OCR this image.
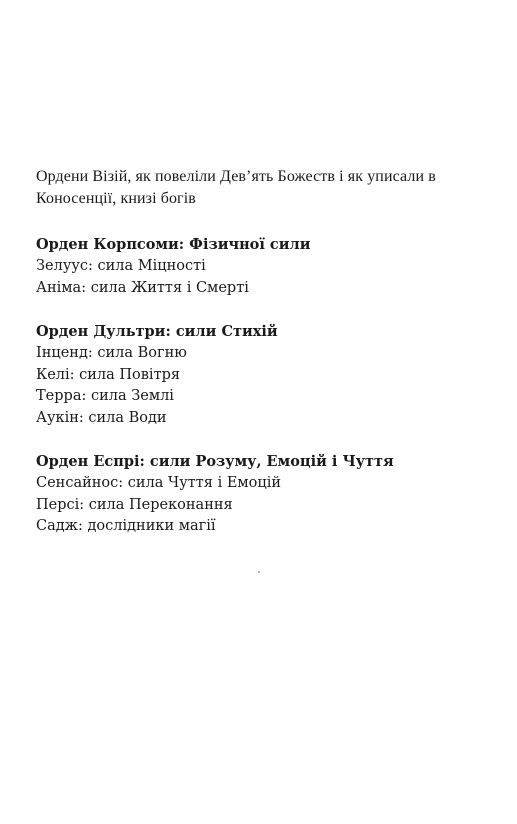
Ордени Візій, як повеліли Дев’ять Божеств і як уписали в Коносенції, книзі богів

Орден Корпсоми: Фізичної сили

Зелуус: сила Міцності

Аніма: сила Життя і Смерті

Орден Дультри: сили Стихій

Інценд: сила Вогню

Келі: сила Повітря

Терра: сила Землі

Аукін: сила Води

Орден Еспрі: сили Розуму, Емоцій і Чуття

Сенсайнос: сила Чуття і Емоцій

Персі: сила Переконання

Садж: дослідники магії
